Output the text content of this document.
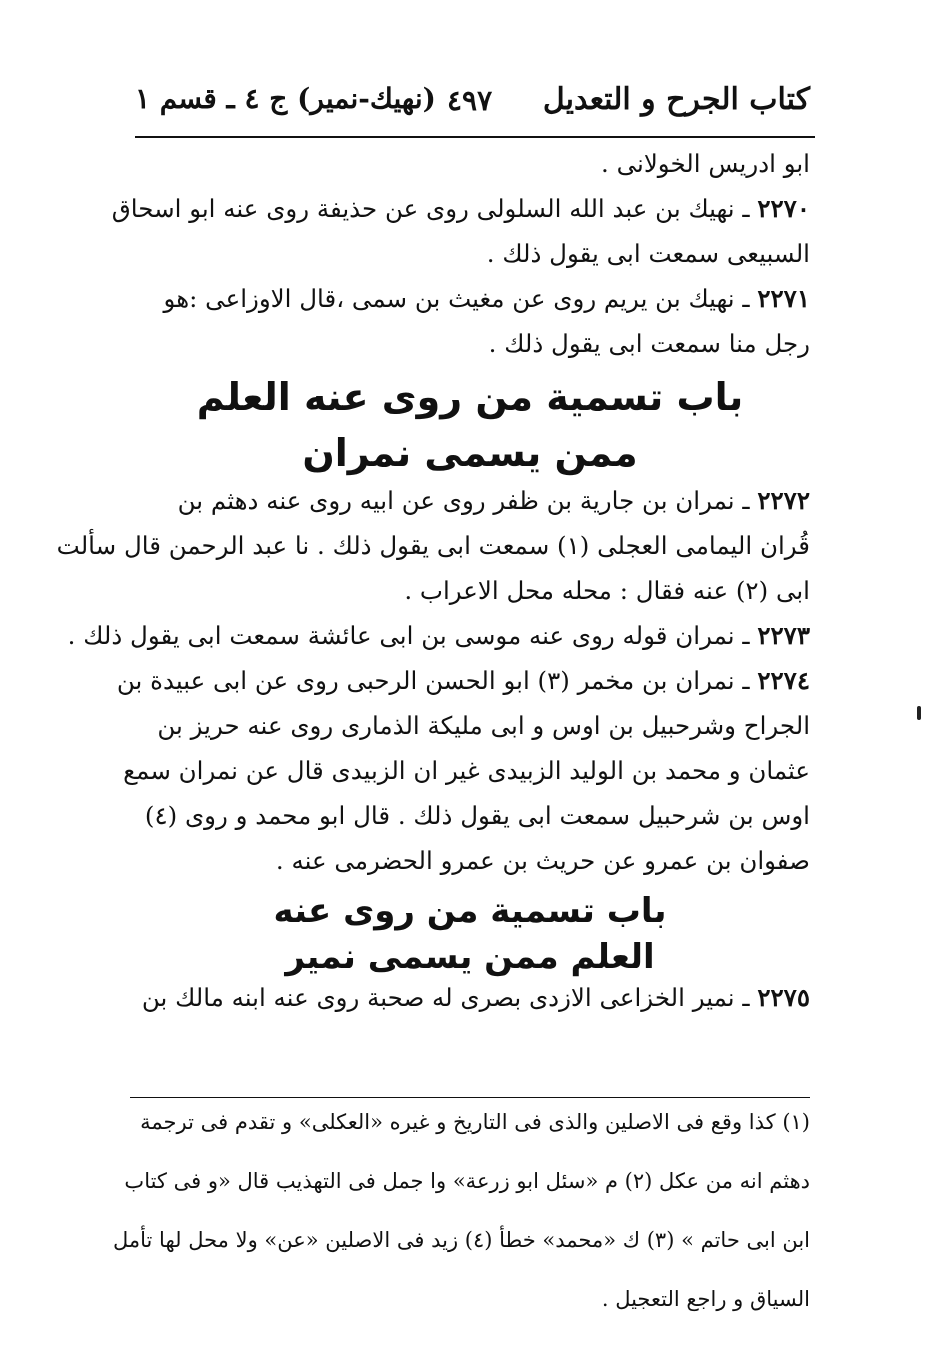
كتاب الجرح و التعديل
٤٩٧
(نهيك-نمير) ج ٤ ـ قسم ١
ابو ادريس الخولانى .
٢٢٧٠ ـ نهيك بن عبد الله السلولى روى عن حذيفة روى عنه ابو اسحاق
السبيعى سمعت ابى يقول ذلك .
٢٢٧١ ـ نهيك بن يريم روى عن مغيث بن سمى ،قال الاوزاعى :هو
رجل منا سمعت ابى يقول ذلك .
باب تسمية من روى عنه العلم
ممن يسمى نمران
٢٢٧٢ ـ نمران بن جارية بن ظفر روى عن ابيه روى عنه دهثم بن
قُران اليمامى العجلى (١) سمعت ابى يقول ذلك . نا عبد الرحمن قال سألت
ابى (٢) عنه فقال : محله محل الاعراب .
٢٢٧٣ ـ نمران قوله روى عنه موسى بن ابى عائشة سمعت ابى يقول ذلك .
٢٢٧٤ ـ نمران بن مخمر (٣) ابو الحسن الرحبى روى عن ابى عبيدة بن
الجراح وشرحبيل بن اوس و ابى مليكة الذمارى روى عنه حريز بن
عثمان و محمد بن الوليد الزبيدى غير ان الزبيدى قال عن نمران سمع
اوس بن شرحبيل سمعت ابى يقول ذلك . قال ابو محمد و روى (٤)
صفوان بن عمرو عن حريث بن عمرو الحضرمى عنه .
باب تسمية من روى عنه
العلم ممن يسمى نمير
٢٢٧٥ ـ نمير الخزاعى الازدى بصرى له صحبة روى عنه ابنه مالك بن
(١) كذا وقع فى الاصلين والذى فى التاريخ و غيره «العكلى» و تقدم فى ترجمة
دهثم انه من عكل (٢) م «سئل ابو زرعة» وا جمل فى التهذيب قال «و فى كتاب
ابن ابى حاتم » (٣) ك «محمد» خطأ (٤) زيد فى الاصلين «عن» ولا محل لها تأمل
السياق و راجع التعجيل .
